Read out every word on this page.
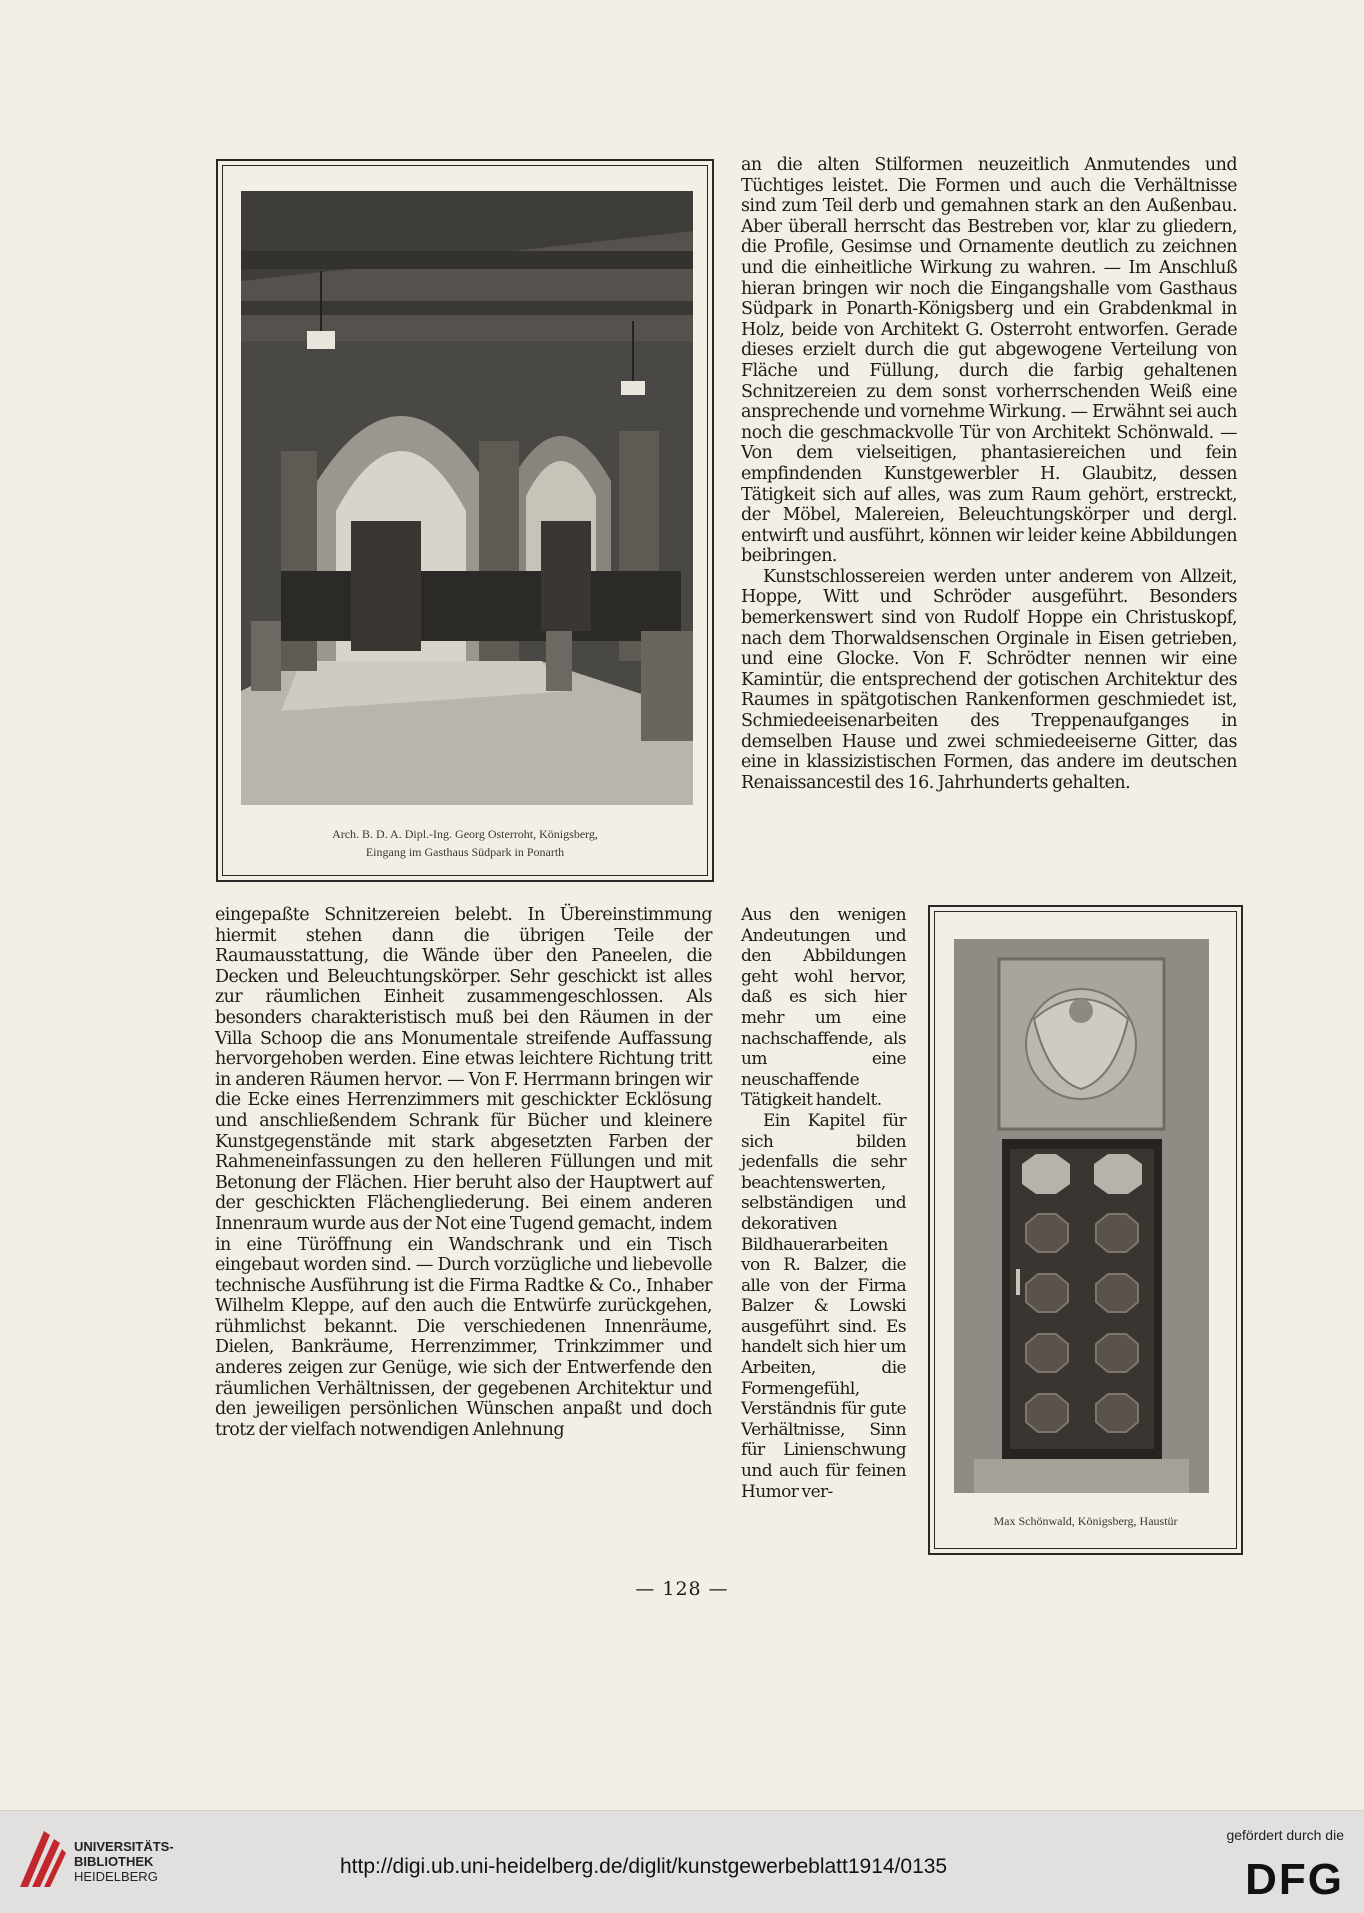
Arch. B. D. A. Dipl.-Ing. Georg Osterroht, Königsberg,
Eingang im Gasthaus Südpark in Ponarth

an die alten Stilformen neuzeitlich Anmutendes und Tüchtiges leistet. Die Formen und auch die Verhältnisse sind zum Teil derb und gemahnen stark an den Außenbau. Aber überall herrscht das Bestreben vor, klar zu gliedern, die Profile, Gesimse und Ornamente deutlich zu zeichnen und die einheitliche Wirkung zu wahren. — Im Anschluß hieran bringen wir noch die Eingangshalle vom Gasthaus Südpark in Ponarth-Königsberg und ein Grabdenkmal in Holz, beide von Architekt G. Osterroht entworfen. Gerade dieses erzielt durch die gut abgewogene Verteilung von Fläche und Füllung, durch die farbig gehaltenen Schnitzereien zu dem sonst vorherrschenden Weiß eine ansprechende und vornehme Wirkung. — Erwähnt sei auch noch die geschmackvolle Tür von Architekt Schönwald. — Von dem vielseitigen, phantasiereichen und fein empfindenden Kunstgewerbler H. Glaubitz, dessen Tätigkeit sich auf alles, was zum Raum gehört, erstreckt, der Möbel, Malereien, Beleuchtungskörper und dergl. entwirft und ausführt, können wir leider keine Abbildungen beibringen.

Kunstschlossereien werden unter anderem von Allzeit, Hoppe, Witt und Schröder ausgeführt. Besonders bemerkenswert sind von Rudolf Hoppe ein Christuskopf, nach dem Thorwaldsenschen Orginale in Eisen getrieben, und eine Glocke. Von F. Schrödter nennen wir eine Kamintür, die entsprechend der gotischen Architektur des Raumes in spätgotischen Rankenformen geschmiedet ist, Schmiedeeisenarbeiten des Treppenaufganges in demselben Hause und zwei schmiedeeiserne Gitter, das eine in klassizistischen Formen, das andere im deutschen Renaissancestil des 16. Jahrhunderts gehalten.

eingepaßte Schnitzereien belebt. In Übereinstimmung hiermit stehen dann die übrigen Teile der Raumausstattung, die Wände über den Paneelen, die Decken und Beleuchtungskörper. Sehr geschickt ist alles zur räumlichen Einheit zusammengeschlossen. Als besonders charakteristisch muß bei den Räumen in der Villa Schoop die ans Monumentale streifende Auffassung hervorgehoben werden. Eine etwas leichtere Richtung tritt in anderen Räumen hervor. — Von F. Herrmann bringen wir die Ecke eines Herrenzimmers mit geschickter Ecklösung und anschließendem Schrank für Bücher und kleinere Kunstgegenstände mit stark abgesetzten Farben der Rahmeneinfassungen zu den helleren Füllungen und mit Betonung der Flächen. Hier beruht also der Hauptwert auf der geschickten Flächengliederung. Bei einem anderen Innenraum wurde aus der Not eine Tugend gemacht, indem in eine Türöffnung ein Wandschrank und ein Tisch eingebaut worden sind. — Durch vorzügliche und liebevolle technische Ausführung ist die Firma Radtke & Co., Inhaber Wilhelm Kleppe, auf den auch die Entwürfe zurückgehen, rühmlichst bekannt. Die verschiedenen Innenräume, Dielen, Bankräume, Herrenzimmer, Trinkzimmer und anderes zeigen zur Genüge, wie sich der Entwerfende den räumlichen Verhältnissen, der gegebenen Architektur und den jeweiligen persönlichen Wünschen anpaßt und doch trotz der vielfach notwendigen Anlehnung

Aus den wenigen Andeutungen und den Abbildungen geht wohl hervor, daß es sich hier mehr um eine nachschaffende, als um eine neuschaffende Tätigkeit handelt.

Ein Kapitel für sich bilden jedenfalls die sehr beachtenswerten, selbständigen und dekorativen Bildhauerarbeiten von R. Balzer, die alle von der Firma Balzer & Lowski ausgeführt sind. Es handelt sich hier um Arbeiten, die Formengefühl, Verständnis für gute Verhältnisse, Sinn für Linienschwung und auch für feinen Humor ver-

Max Schönwald, Königsberg, Haustür
— 128 —
UNIVERSITÄTS-
BIBLIOTHEK
HEIDELBERG	http://digi.ub.uni-heidelberg.de/diglit/kunstgewerbeblatt1914/0135
gefördert durch die
DFG
